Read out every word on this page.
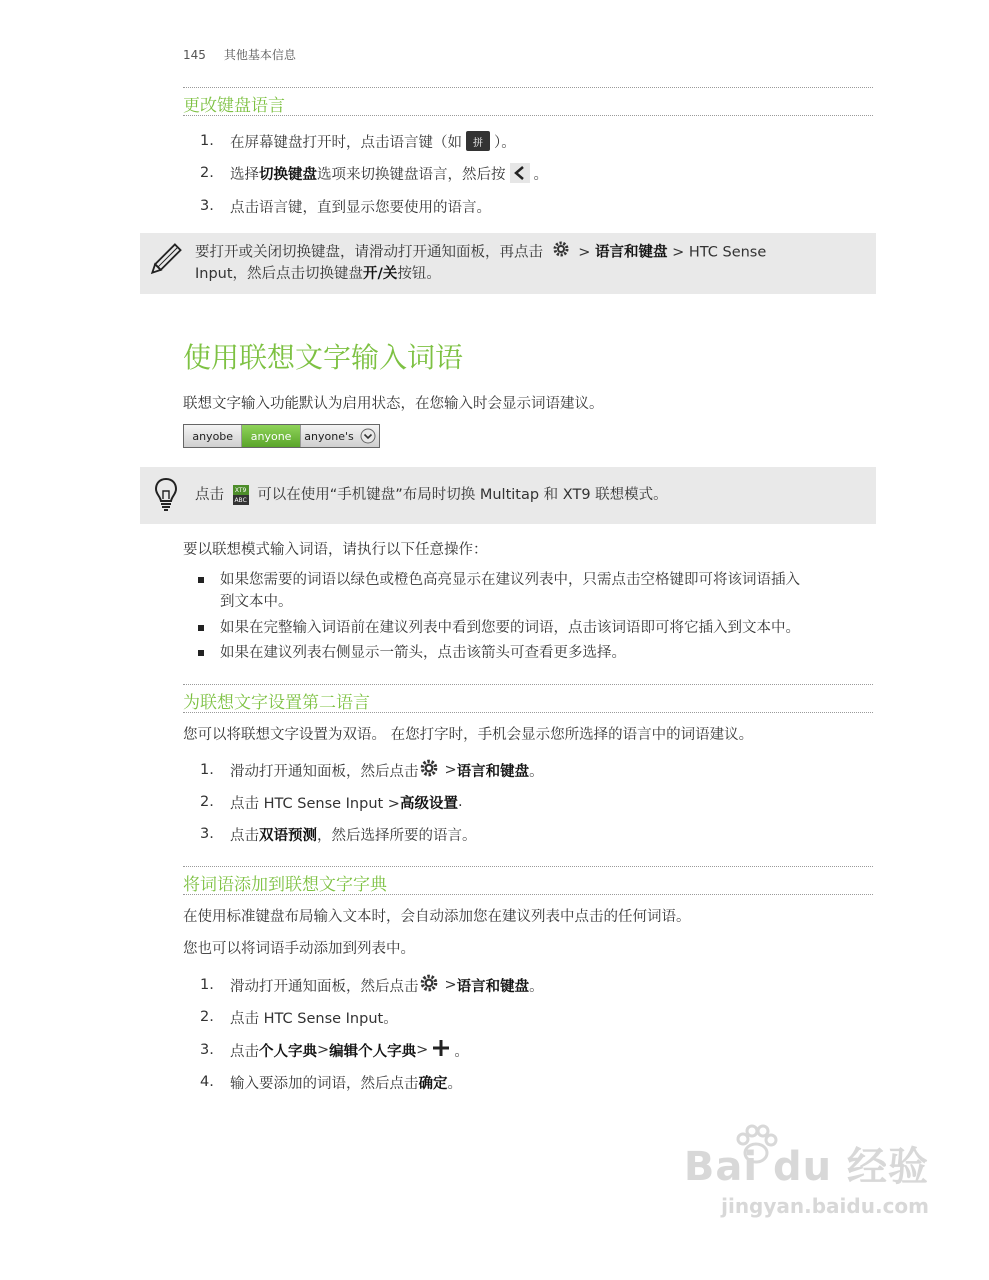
145 其他基本信息
更改键盘语言
1.	在屏幕键盘打开时，点击语言键（如	拼 ）。
2.	选择 切换键盘 选项来切换键盘语言，然后按 。
3.	点击语言键，直到显示您要使用的语言。
要打开或关闭切换键盘，请滑动打开通知面板，再点击 > 语言和键盘 > HTC Sense
Input，然后点击切换键盘开/关按钮。
使用联想文字输入词语
联想文字输入功能默认为启用状态，在您输入时会显示词语建议。
anyobe	anyone	anyone's
点击 XT9
ABC 可以在使用“手机键盘”布局时切换 Multitap 和 XT9 联想模式。
要以联想模式输入词语，请执行以下任意操作：
如果您需要的词语以绿色或橙色高亮显示在建议列表中，只需点击空格键即可将该词语插入
到文本中。
如果在完整输入词语前在建议列表中看到您要的词语，点击该词语即可将它插入到文本中。
如果在建议列表右侧显示一箭头，点击该箭头可查看更多选择。
为联想文字设置第二语言
您可以将联想文字设置为双语。 在您打字时，手机会显示您所选择的语言中的词语建议。
1.	滑动打开通知面板，然后点击 > 语言和键盘 。
2.	点击 HTC Sense Input > 高级设置 .
3.	点击 双语预测 ，然后选择所要的语言。
将词语添加到联想文字字典
在使用标准键盘布局输入文本时，会自动添加您在建议列表中点击的任何词语。
您也可以将词语手动添加到列表中。
1.	滑动打开通知面板，然后点击 > 语言和键盘 。
2.	点击 HTC Sense Input。
3.	点击 个人字典 > 编辑个人字典 > 。
4.	输入要添加的词语，然后点击 确定 。
Bai du 经验
jingyan.baidu.com
